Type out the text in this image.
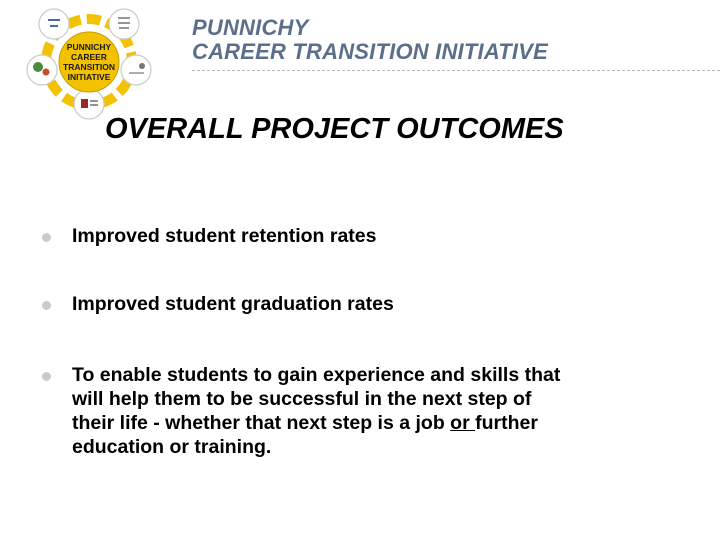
PUNNICHY
CAREER
TRANSITION
INITIATIVE
PUNNICHY
CAREER TRANSITION INITIATIVE
OVERALL PROJECT OUTCOMES
Improved student retention rates
Improved student graduation rates
To enable students to gain experience and skills that
will help them to be successful in the next step of
their life - whether that next step is a job or further
education or training.
